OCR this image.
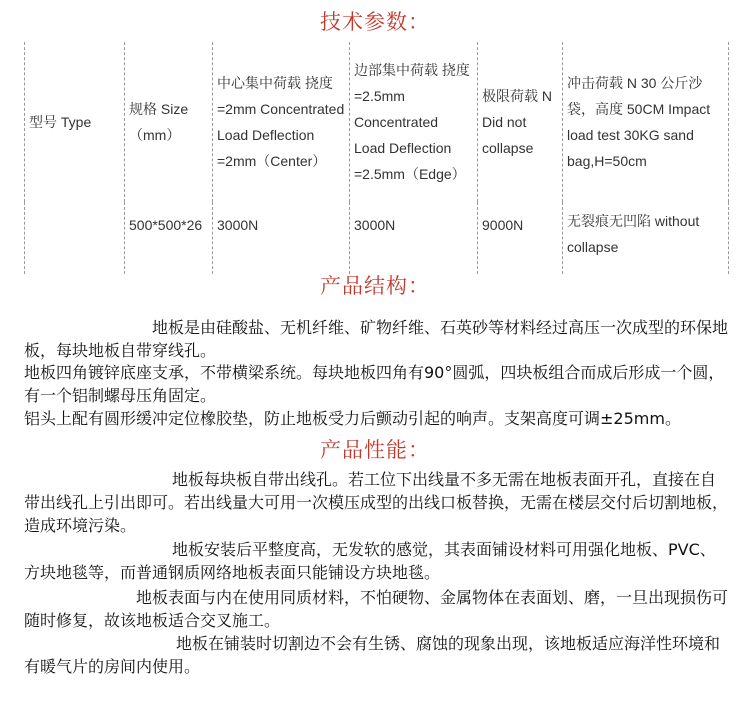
技术参数：
型号 Type	规格 Size（mm）	中心集中荷载 挠度=2mm Concentrated Load Deflection =2mm（Center）	边部集中荷载 挠度=2.5mm Concentrated Load Deflection =2.5mm（Edge）	极限荷载 N Did not collapse	冲击荷载 N 30 公斤沙袋，高度 50CM Impact load test 30KG sand bag,H=50cm
	500*500*26	3000N	3000N	9000N	无裂痕无凹陷 without collapse
产品结构：

地板是由硅酸盐、无机纤维、矿物纤维、石英砂等材料经过高压一次成型的环保地板，每块地板自带穿线孔。

地板四角镀锌底座支承，不带横梁系统。每块地板四角有90°圆弧，四块板组合而成后形成一个圆，有一个铝制螺母压角固定。

铝头上配有圆形缓冲定位橡胶垫，防止地板受力后颤动引起的响声。支架高度可调±25mm。

产品性能：

地板每块板自带出线孔。若工位下出线量不多无需在地板表面开孔，直接在自带出线孔上引出即可。若出线量大可用一次模压成型的出线口板替换，无需在楼层交付后切割地板，造成环境污染。

地板安装后平整度高，无发软的感觉，其表面铺设材料可用强化地板、PVC、方块地毯等，而普通钢质网络地板表面只能铺设方块地毯。

地板表面与内在使用同质材料，不怕硬物、金属物体在表面划、磨，一旦出现损伤可随时修复，故该地板适合交叉施工。

地板在铺装时切割边不会有生锈、腐蚀的现象出现，该地板适应海洋性环境和有暖气片的房间内使用。
